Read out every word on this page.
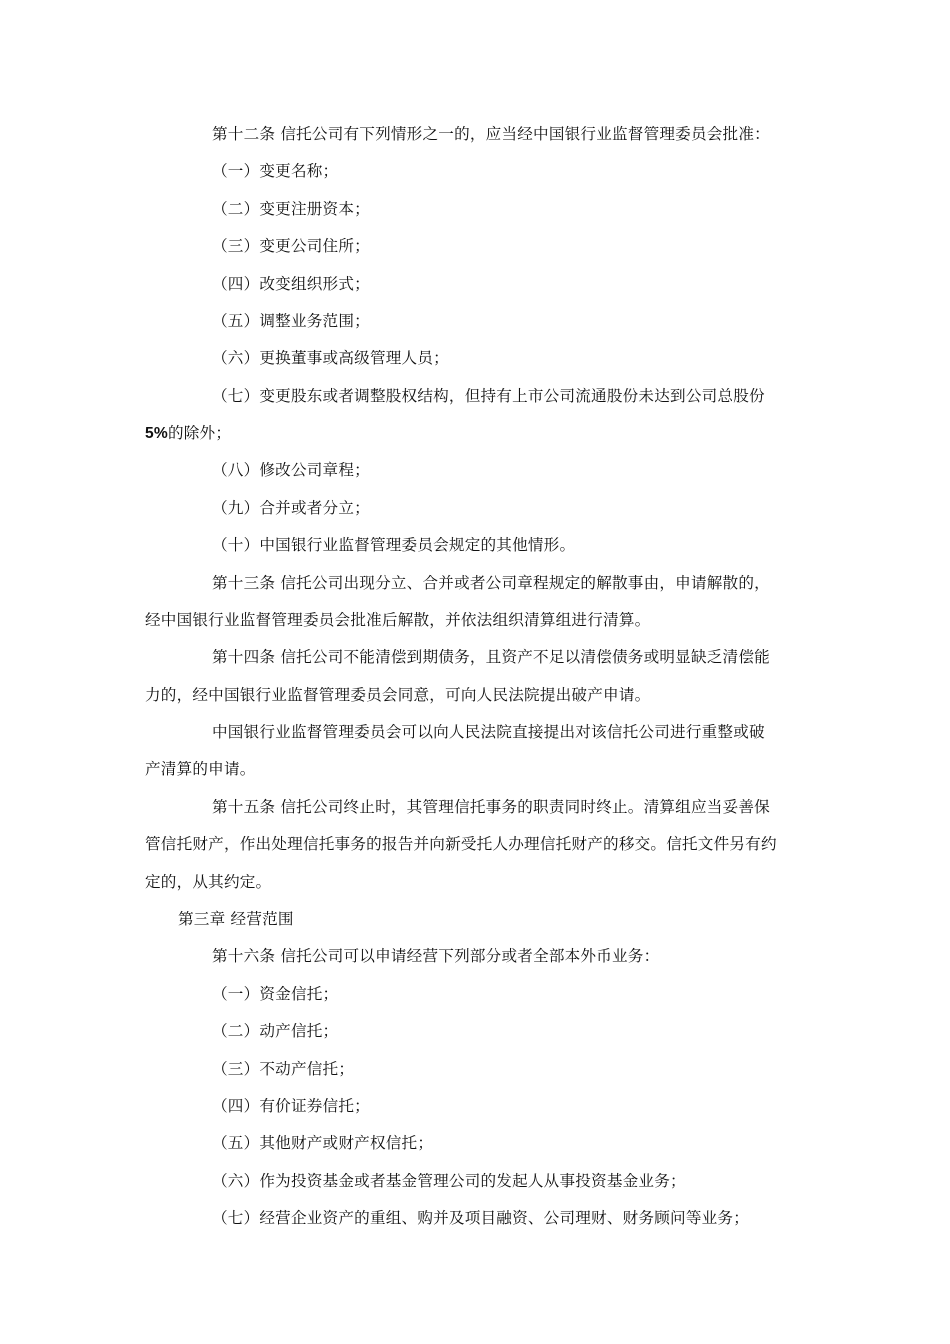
第十二条 信托公司有下列情形之一的，应当经中国银行业监督管理委员会批准：
（一）变更名称；
（二）变更注册资本；
（三）变更公司住所；
（四）改变组织形式；
（五）调整业务范围；
（六）更换董事或高级管理人员；
（七）变更股东或者调整股权结构，但持有上市公司流通股份未达到公司总股份
5%的除外；
（八）修改公司章程；
（九）合并或者分立；
（十）中国银行业监督管理委员会规定的其他情形。
第十三条 信托公司出现分立、合并或者公司章程规定的解散事由，申请解散的，
经中国银行业监督管理委员会批准后解散，并依法组织清算组进行清算。
第十四条 信托公司不能清偿到期债务，且资产不足以清偿债务或明显缺乏清偿能
力的，经中国银行业监督管理委员会同意，可向人民法院提出破产申请。
中国银行业监督管理委员会可以向人民法院直接提出对该信托公司进行重整或破
产清算的申请。
第十五条 信托公司终止时，其管理信托事务的职责同时终止。清算组应当妥善保
管信托财产，作出处理信托事务的报告并向新受托人办理信托财产的移交。信托文件另有约
定的，从其约定。
第三章 经营范围
第十六条 信托公司可以申请经营下列部分或者全部本外币业务：
（一）资金信托；
（二）动产信托；
（三）不动产信托；
（四）有价证券信托；
（五）其他财产或财产权信托；
（六）作为投资基金或者基金管理公司的发起人从事投资基金业务；
（七）经营企业资产的重组、购并及项目融资、公司理财、财务顾问等业务；
